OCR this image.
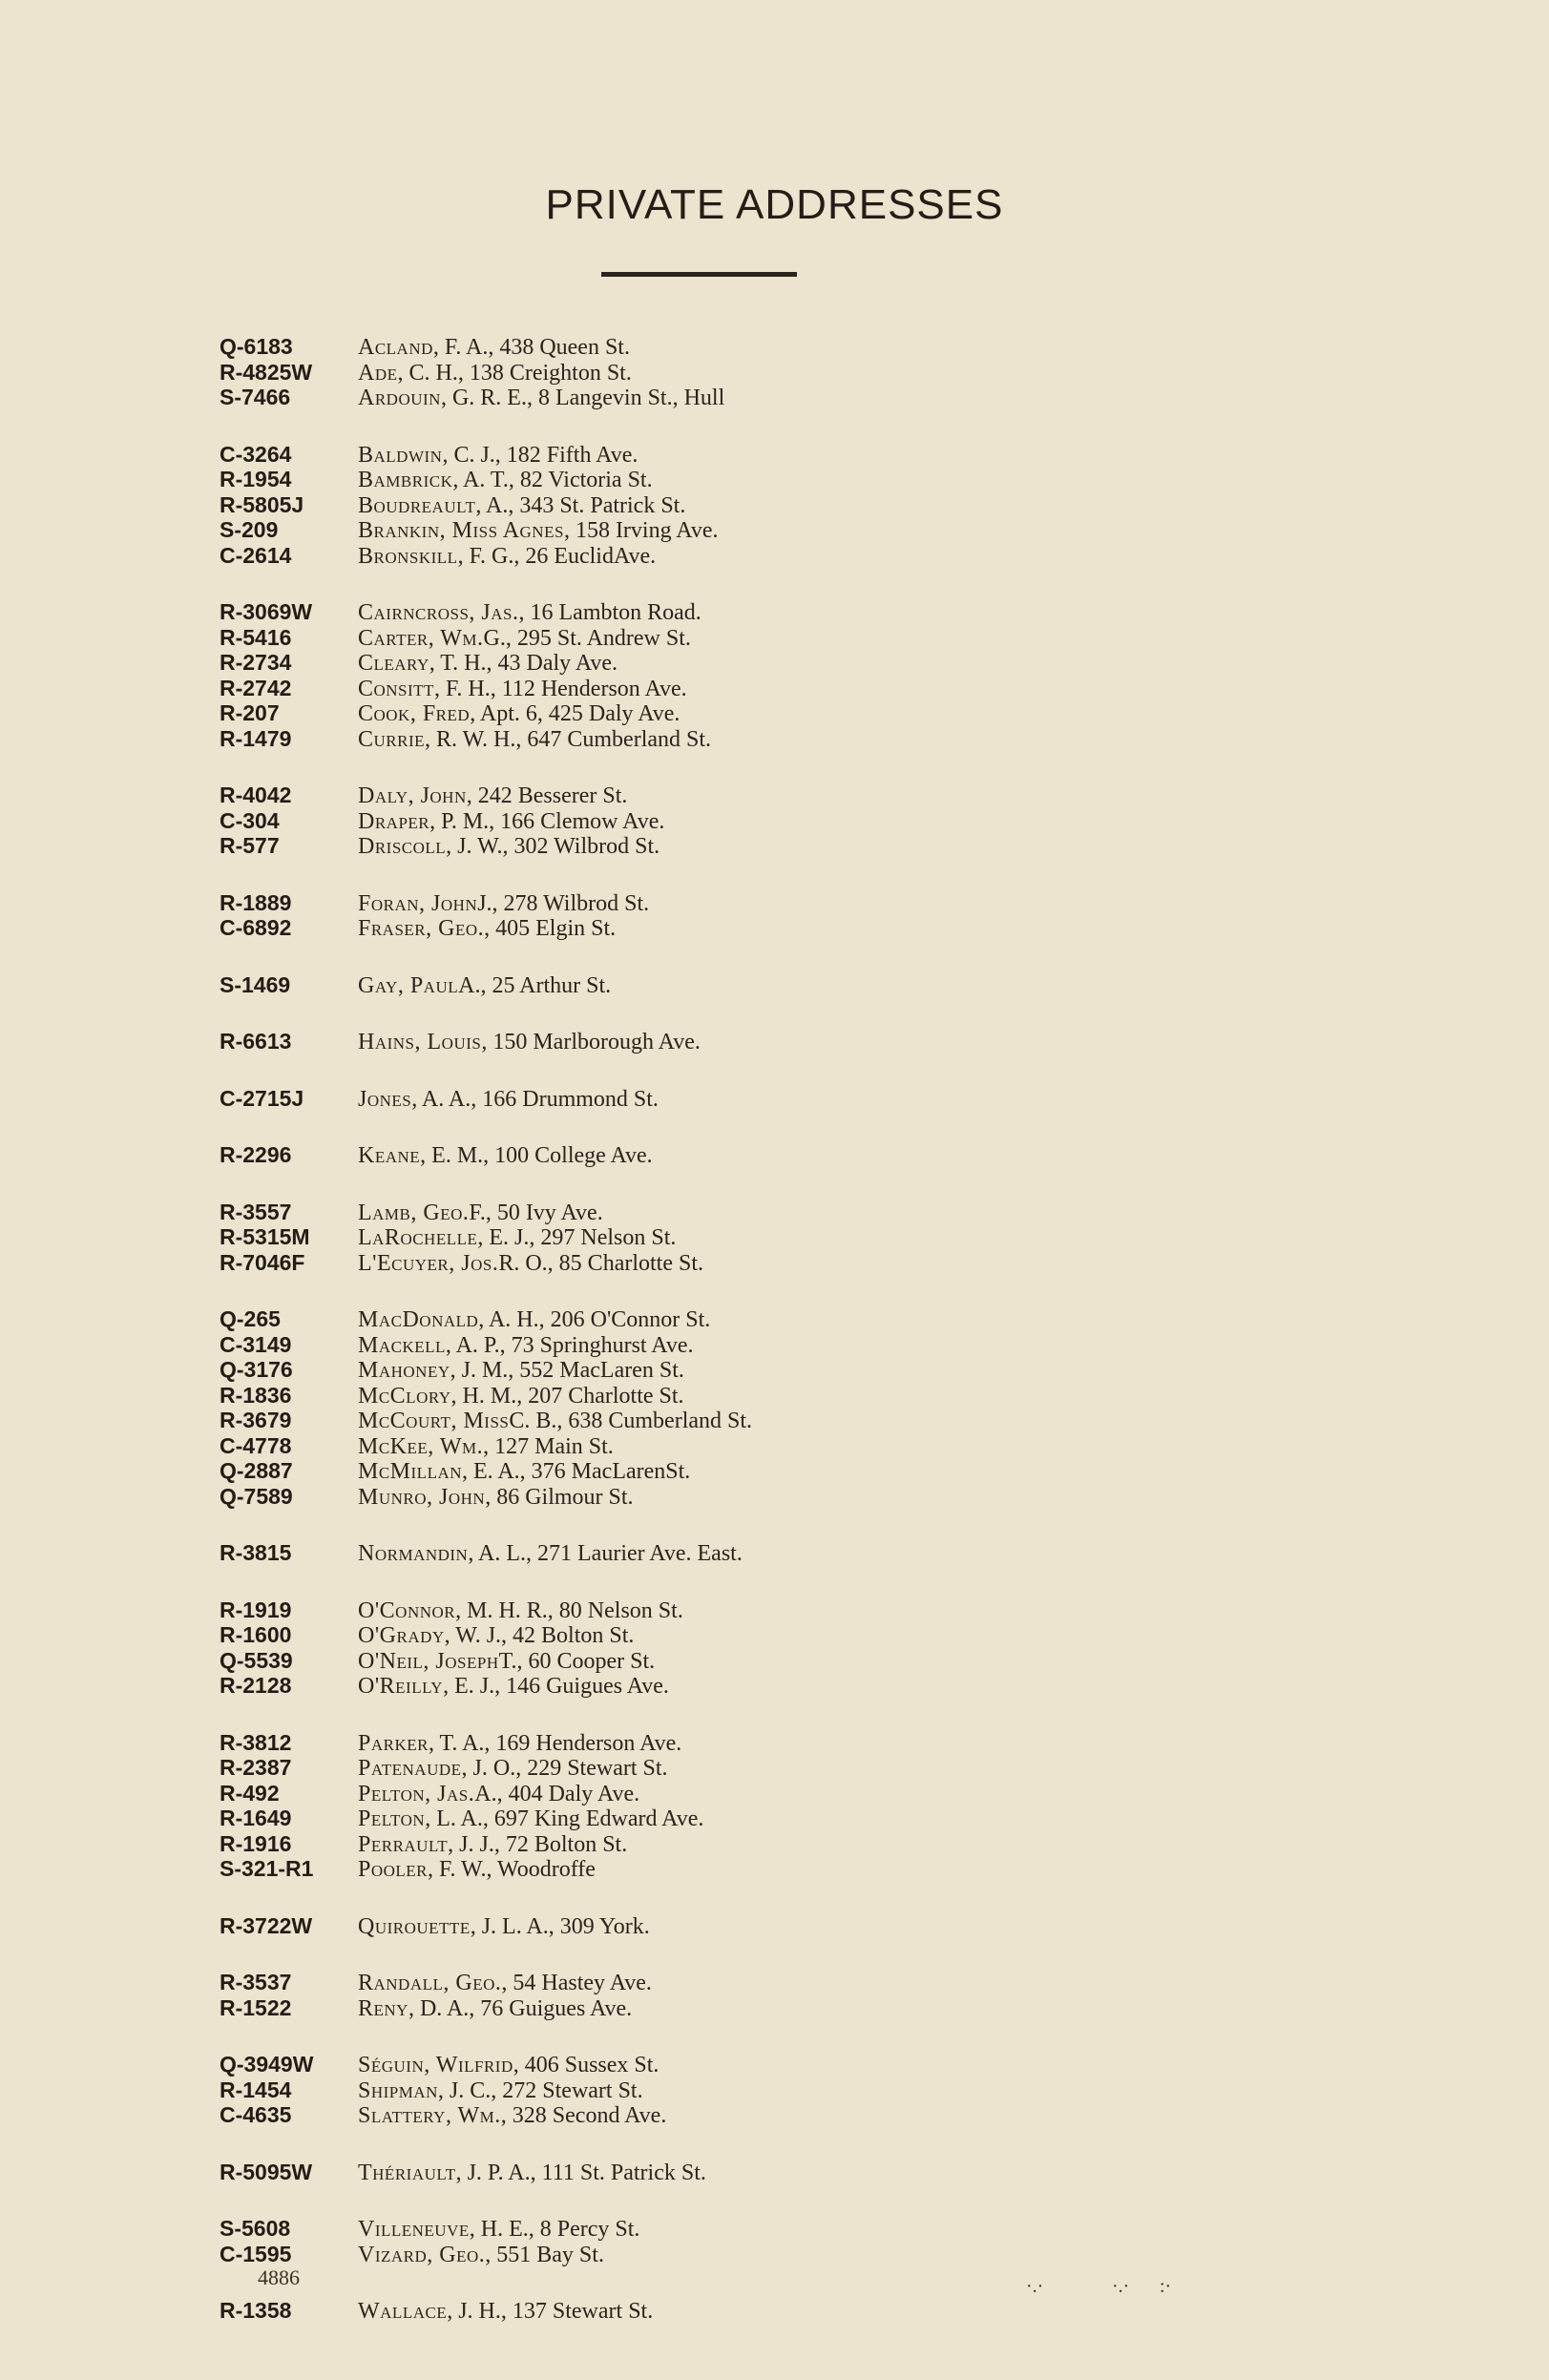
PRIVATE ADDRESSES
Q-6183	Acland , F. A., 438 Queen St.
R-4825W	Ade , C. H., 138 Creighton St.
S-7466	Ardouin , G. R. E., 8 Langevin St., Hull
C-3264	Baldwin , C. J., 182 Fifth Ave.
R-1954	Bambrick , A. T., 82 Victoria St.
R-5805J	Boudreault , A., 343 St. Patrick St.
S-209	Brankin, Miss Agnes , 158 Irving Ave.
C-2614	Bronskill , F. G., 26 EuclidAve.
R-3069W	Cairncross, Jas. , 16 Lambton Road.
R-5416	Carter, Wm. G., 295 St. Andrew St.
R-2734	Cleary , T. H., 43 Daly Ave.
R-2742	Consitt , F. H., 112 Henderson Ave.
R-207	Cook, Fred , Apt. 6, 425 Daly Ave.
R-1479	Currie , R. W. H., 647 Cumberland St.
R-4042	Daly, John , 242 Besserer St.
C-304	Draper , P. M., 166 Clemow Ave.
R-577	Driscoll , J. W., 302 Wilbrod St.
R-1889	Foran, John J., 278 Wilbrod St.
C-6892	Fraser, Geo. , 405 Elgin St.
S-1469	Gay, Paul A., 25 Arthur St.
R-6613	Hains, Louis , 150 Marlborough Ave.
C-2715J	Jones , A. A., 166 Drummond St.
R-2296	Keane , E. M., 100 College Ave.
R-3557	Lamb, Geo. F., 50 Ivy Ave.
R-5315M	LaRochelle , E. J., 297 Nelson St.
R-7046F	L'Ecuyer, Jos. R. O., 85 Charlotte St.
Q-265	MacDonald , A. H., 206 O'Connor St.
C-3149	Mackell , A. P., 73 Springhurst Ave.
Q-3176	Mahoney , J. M., 552 MacLaren St.
R-1836	McClory , H. M., 207 Charlotte St.
R-3679	McCourt, Miss C. B., 638 Cumberland St.
C-4778	McKee, Wm. , 127 Main St.
Q-2887	McMillan , E. A., 376 MacLarenSt.
Q-7589	Munro, John , 86 Gilmour St.
R-3815	Normandin , A. L., 271 Laurier Ave. East.
R-1919	O'Connor , M. H. R., 80 Nelson St.
R-1600	O'Grady , W. J., 42 Bolton St.
Q-5539	O'Neil, Joseph T., 60 Cooper St.
R-2128	O'Reilly , E. J., 146 Guigues Ave.
R-3812	Parker , T. A., 169 Henderson Ave.
R-2387	Patenaude , J. O., 229 Stewart St.
R-492	Pelton, Jas. A., 404 Daly Ave.
R-1649	Pelton , L. A., 697 King Edward Ave.
R-1916	Perrault , J. J., 72 Bolton St.
S-321-R1	Pooler , F. W., Woodroffe
R-3722W	Quirouette , J. L. A., 309 York.
R-3537	Randall, Geo. , 54 Hastey Ave.
R-1522	Reny , D. A., 76 Guigues Ave.
Q-3949W	Séguin, Wilfrid , 406 Sussex St.
R-1454	Shipman , J. C., 272 Stewart St.
C-4635	Slattery, Wm. , 328 Second Ave.
R-5095W	Thériault , J. P. A., 111 St. Patrick St.
S-5608	Villeneuve , H. E., 8 Percy St.
C-1595	Vizard, Geo. , 551 Bay St.
R-1358	Wallace , J. H., 137 Stewart St.
4886	·.·	·.· :·
